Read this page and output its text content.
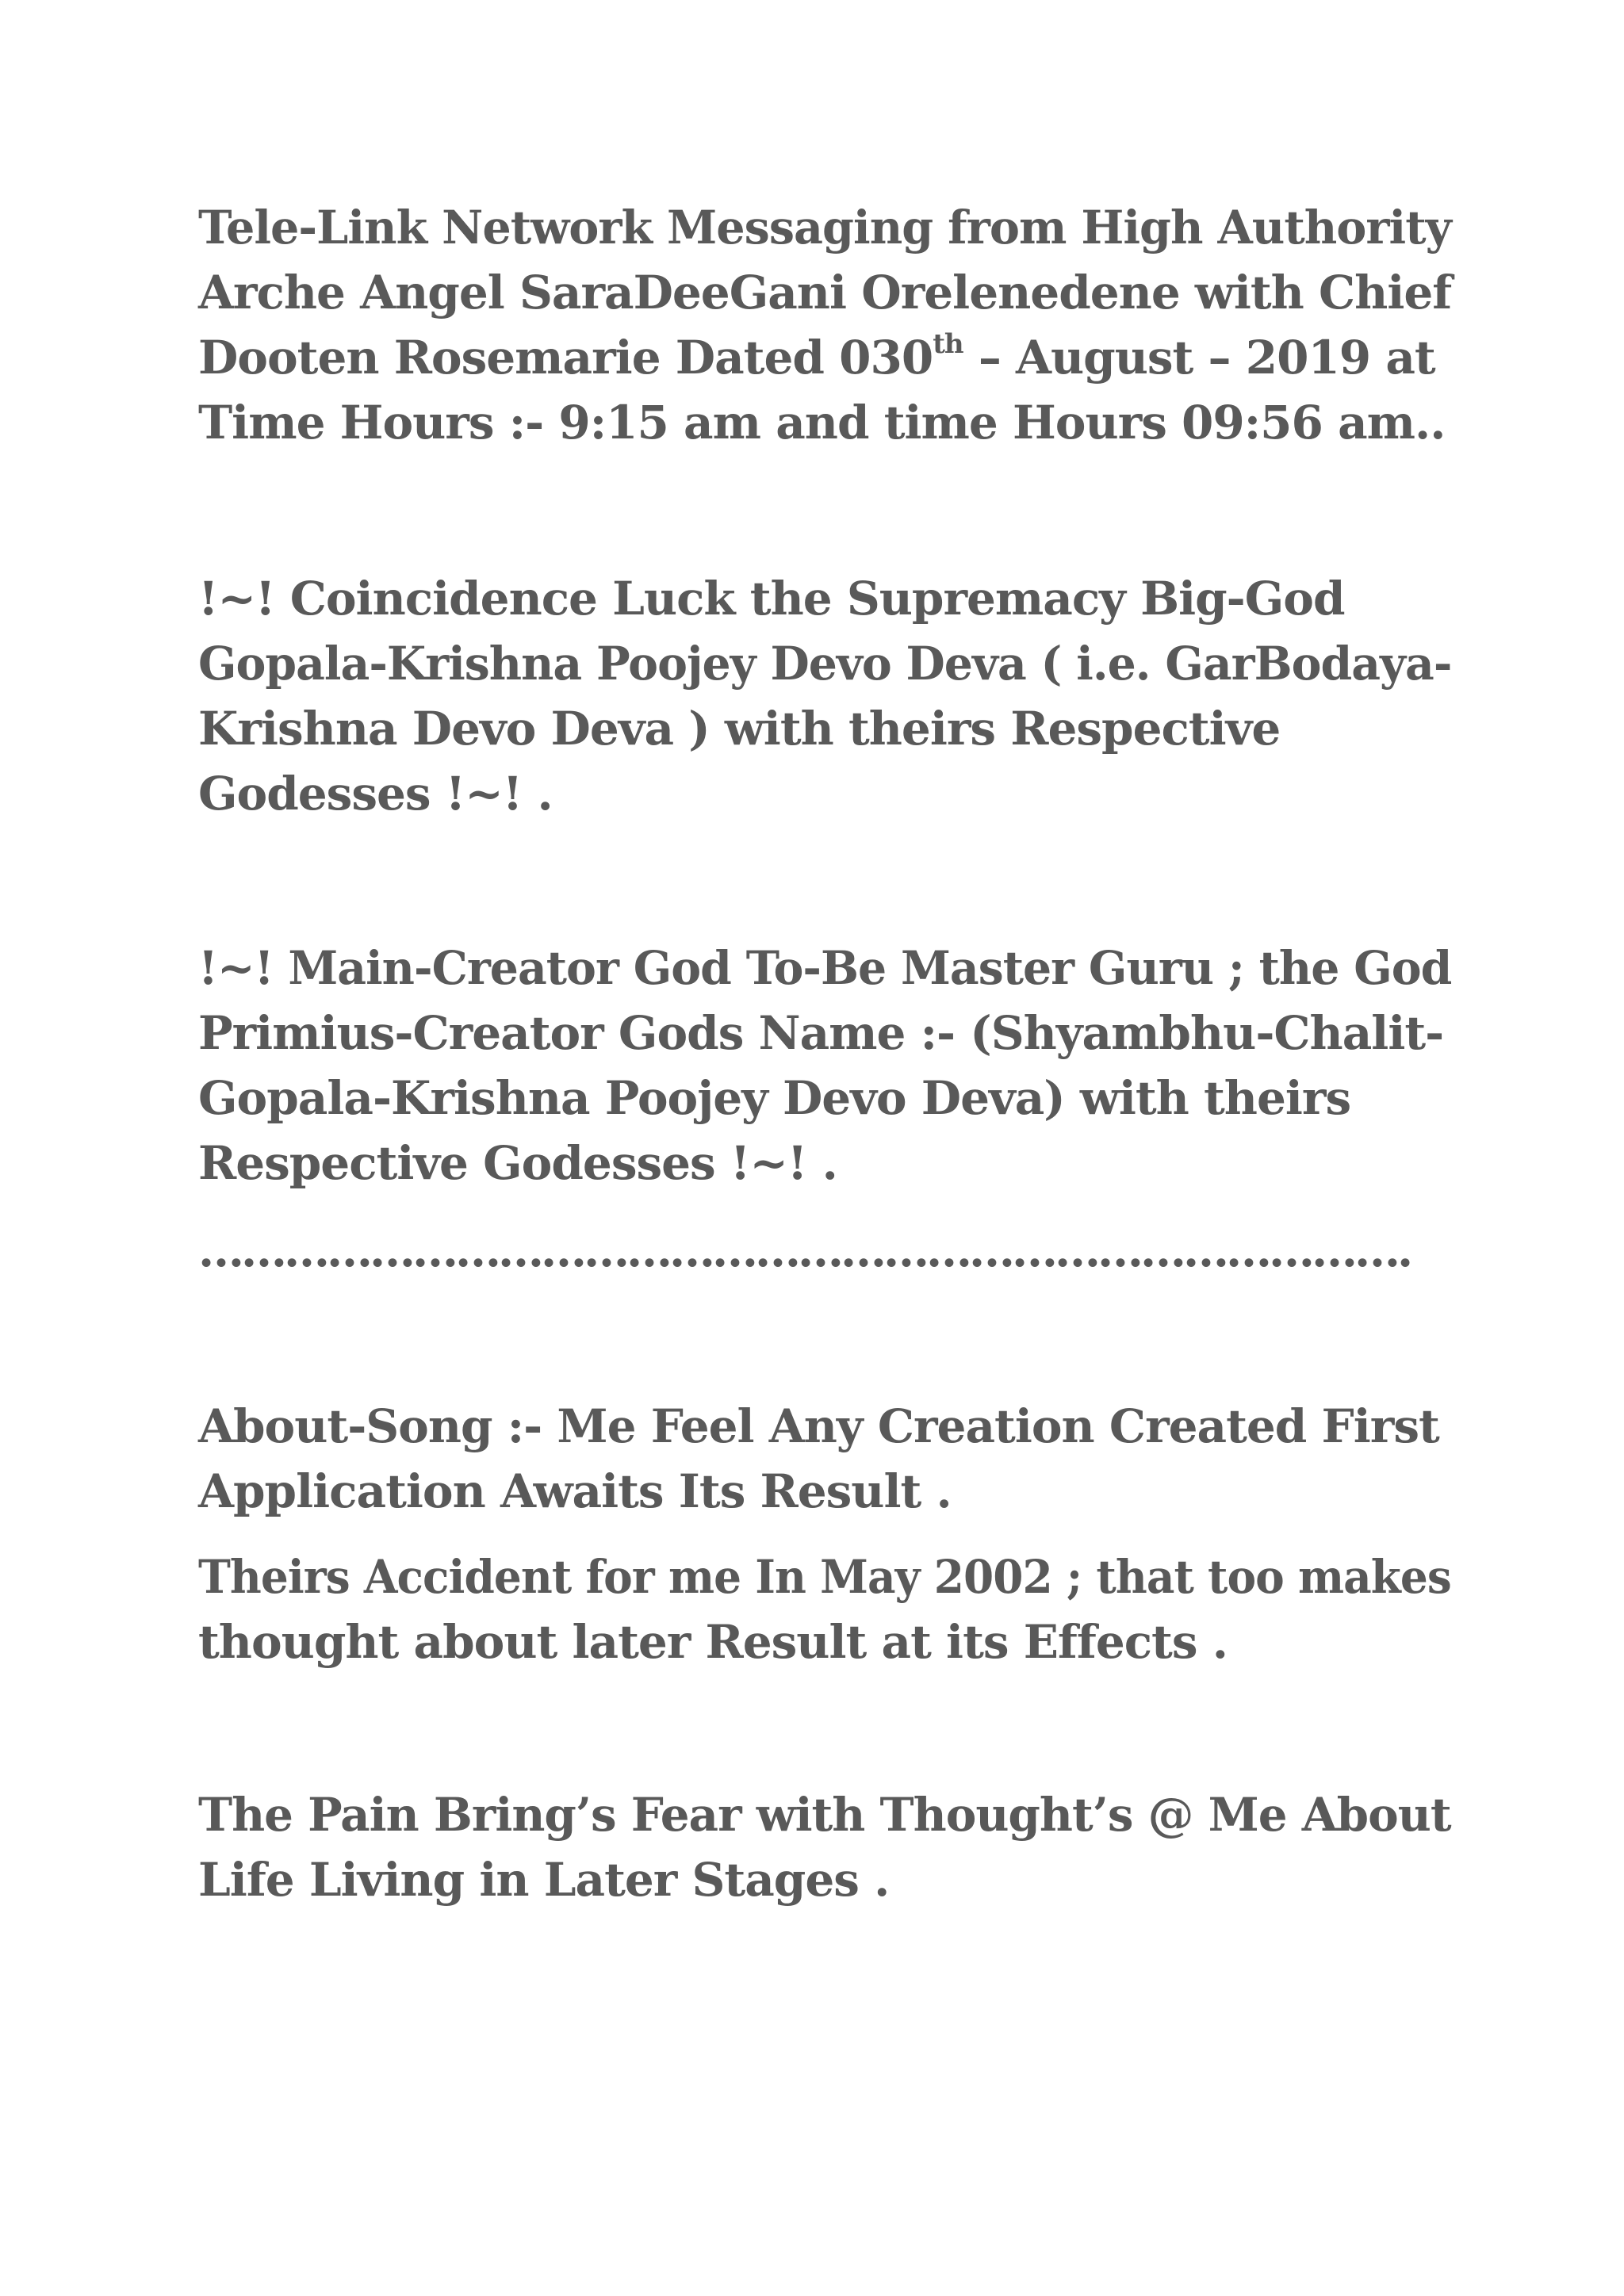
Tele-Link Network Messaging from High Authority
Arche Angel SaraDeeGani Orelenedene with Chief
Dooten Rosemarie Dated 030th – August – 2019 at
Time Hours :- 9:15 am and time Hours 09:56 am..
!~! Coincidence Luck the Supremacy Big-God
Gopala-Krishna Poojey Devo Deva ( i.e. GarBodaya-
Krishna Devo Deva ) with theirs Respective
Godesses !~! .
!~! Main-Creator God To-Be Master Guru ; the God
Primius-Creator Gods Name :- (Shyambhu-Chalit-
Gopala-Krishna Poojey Devo Deva) with theirs
Respective Godesses !~! .
………………………………………………………………………….
About-Song :- Me Feel Any Creation Created First
Application Awaits Its Result .
Theirs Accident for me In May 2002 ; that too makes
thought about later Result at its Effects .
The Pain Bring’s Fear with Thought’s @ Me About
Life Living in Later Stages .
